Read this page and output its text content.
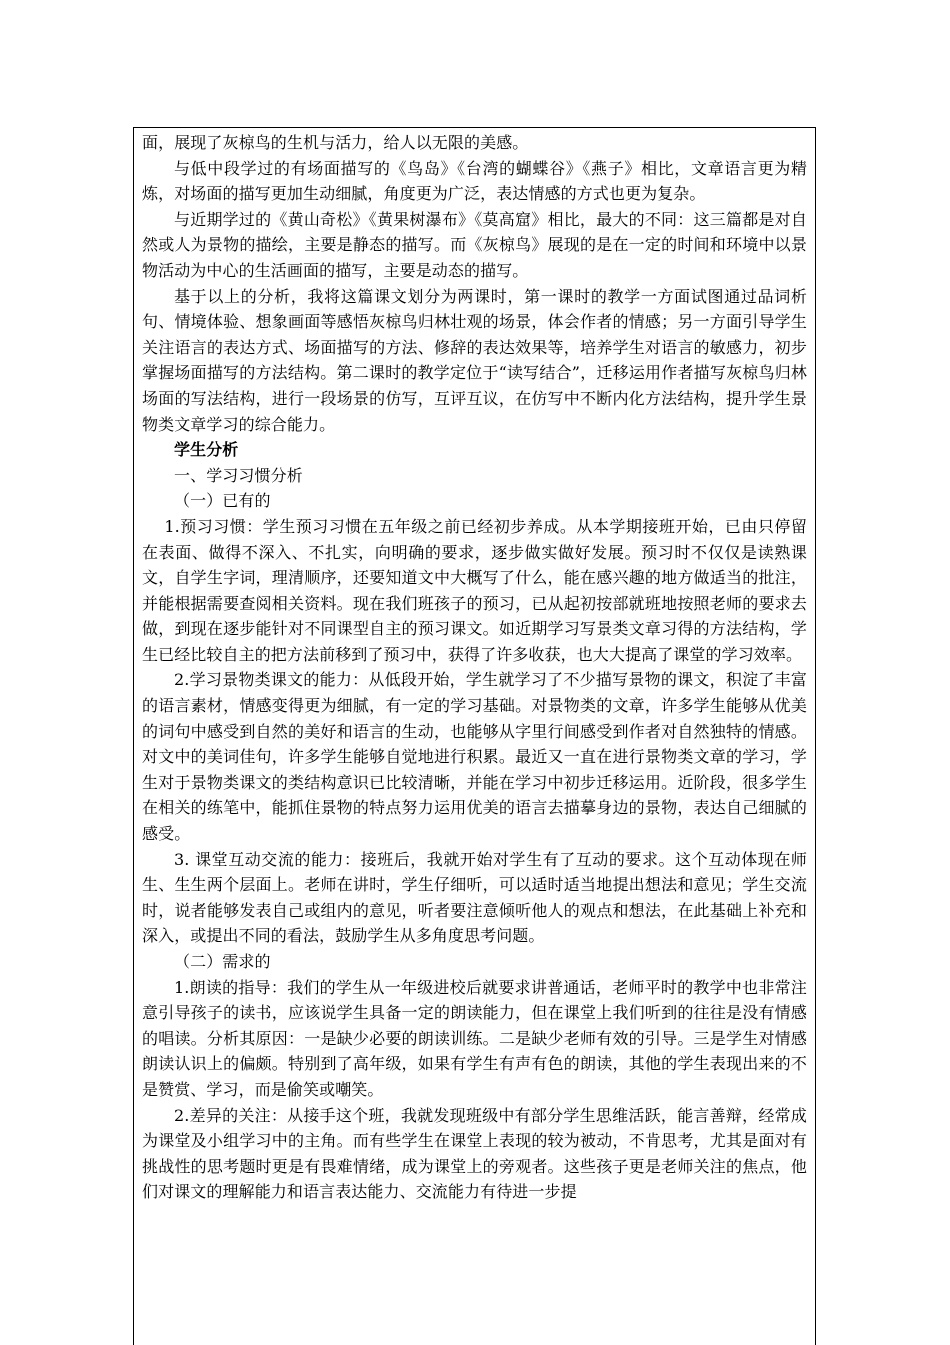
面，展现了灰椋鸟的生机与活力，给人以无限的美感。

与低中段学过的有场面描写的《鸟岛》《台湾的蝴蝶谷》《燕子》相比，文章语言更为精炼，对场面的描写更加生动细腻，角度更为广泛，表达情感的方式也更为复杂。

与近期学过的《黄山奇松》《黄果树瀑布》《莫高窟》相比，最大的不同：这三篇都是对自然或人为景物的描绘，主要是静态的描写。而《灰椋鸟》展现的是在一定的时间和环境中以景物活动为中心的生活画面的描写，主要是动态的描写。

基于以上的分析，我将这篇课文划分为两课时，第一课时的教学一方面试图通过品词析句、情境体验、想象画面等感悟灰椋鸟归林壮观的场景，体会作者的情感；另一方面引导学生关注语言的表达方式、场面描写的方法、修辞的表达效果等，培养学生对语言的敏感力，初步掌握场面描写的方法结构。第二课时的教学定位于“读写结合”，迁移运用作者描写灰椋鸟归林场面的写法结构，进行一段场景的仿写，互评互议，在仿写中不断内化方法结构，提升学生景物类文章学习的综合能力。

学生分析

一、学习习惯分析

（一）已有的

1.预习习惯：学生预习习惯在五年级之前已经初步养成。从本学期接班开始，已由只停留在表面、做得不深入、不扎实，向明确的要求，逐步做实做好发展。预习时不仅仅是读熟课文，自学生字词，理清顺序，还要知道文中大概写了什么，能在感兴趣的地方做适当的批注，并能根据需要查阅相关资料。现在我们班孩子的预习，已从起初按部就班地按照老师的要求去做，到现在逐步能针对不同课型自主的预习课文。如近期学习写景类文章习得的方法结构，学生已经比较自主的把方法前移到了预习中，获得了许多收获，也大大提高了课堂的学习效率。

2.学习景物类课文的能力：从低段开始，学生就学习了不少描写景物的课文，积淀了丰富的语言素材，情感变得更为细腻，有一定的学习基础。对景物类的文章，许多学生能够从优美的词句中感受到自然的美好和语言的生动，也能够从字里行间感受到作者对自然独特的情感。对文中的美词佳句，许多学生能够自觉地进行积累。最近又一直在进行景物类文章的学习，学生对于景物类课文的类结构意识已比较清晰，并能在学习中初步迁移运用。近阶段，很多学生在相关的练笔中，能抓住景物的特点努力运用优美的语言去描摹身边的景物，表达自己细腻的感受。

3. 课堂互动交流的能力：接班后，我就开始对学生有了互动的要求。这个互动体现在师生、生生两个层面上。老师在讲时，学生仔细听，可以适时适当地提出想法和意见；学生交流时，说者能够发表自己或组内的意见，听者要注意倾听他人的观点和想法，在此基础上补充和深入，或提出不同的看法，鼓励学生从多角度思考问题。

（二）需求的

1.朗读的指导：我们的学生从一年级进校后就要求讲普通话，老师平时的教学中也非常注意引导孩子的读书，应该说学生具备一定的朗读能力，但在课堂上我们听到的往往是没有情感的唱读。分析其原因：一是缺少必要的朗读训练。二是缺少老师有效的引导。三是学生对情感朗读认识上的偏颇。特别到了高年级，如果有学生有声有色的朗读，其他的学生表现出来的不是赞赏、学习，而是偷笑或嘲笑。

2.差异的关注：从接手这个班，我就发现班级中有部分学生思维活跃，能言善辩，经常成为课堂及小组学习中的主角。而有些学生在课堂上表现的较为被动，不肯思考，尤其是面对有挑战性的思考题时更是有畏难情绪，成为课堂上的旁观者。这些孩子更是老师关注的焦点，他们对课文的理解能力和语言表达能力、交流能力有待进一步提
